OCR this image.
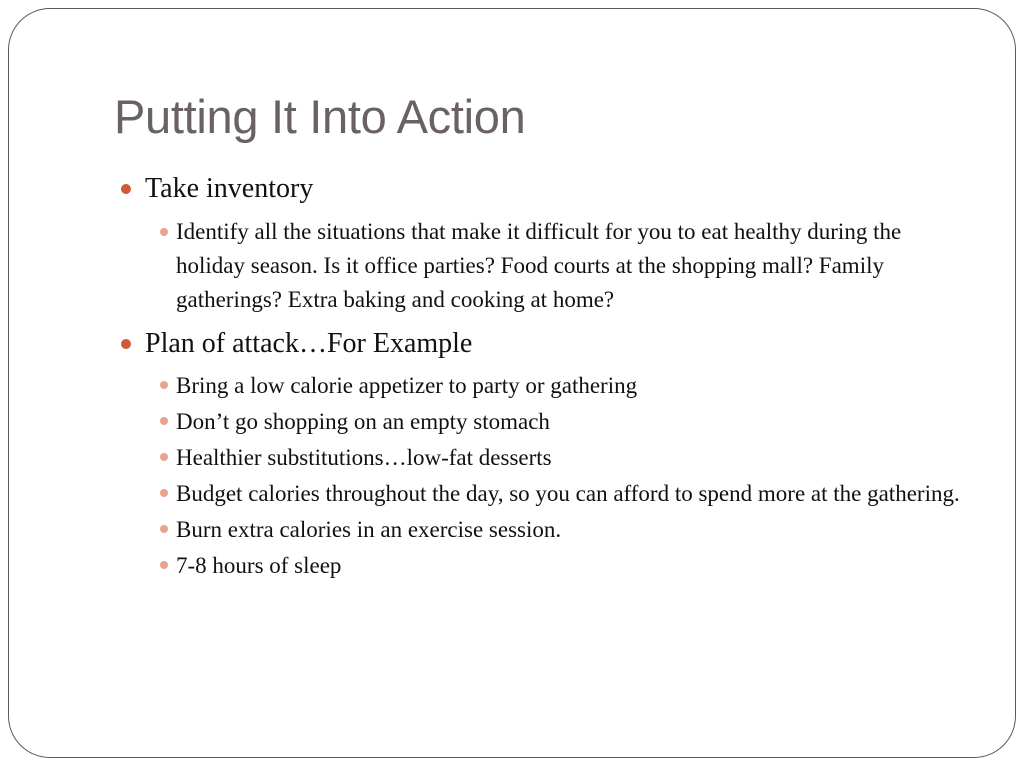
Putting It Into Action
Take inventory
Identify all the situations that make it difficult for you to eat healthy during the holiday season. Is it office parties? Food courts at the shopping mall? Family gatherings? Extra baking and cooking at home?
Plan of attack…For Example
Bring a low calorie appetizer to party or gathering
Don’t go shopping on an empty stomach
Healthier substitutions…low-fat desserts
Budget calories throughout the day, so you can afford to spend more at the gathering.
Burn extra calories in an exercise session.
7-8 hours of sleep
